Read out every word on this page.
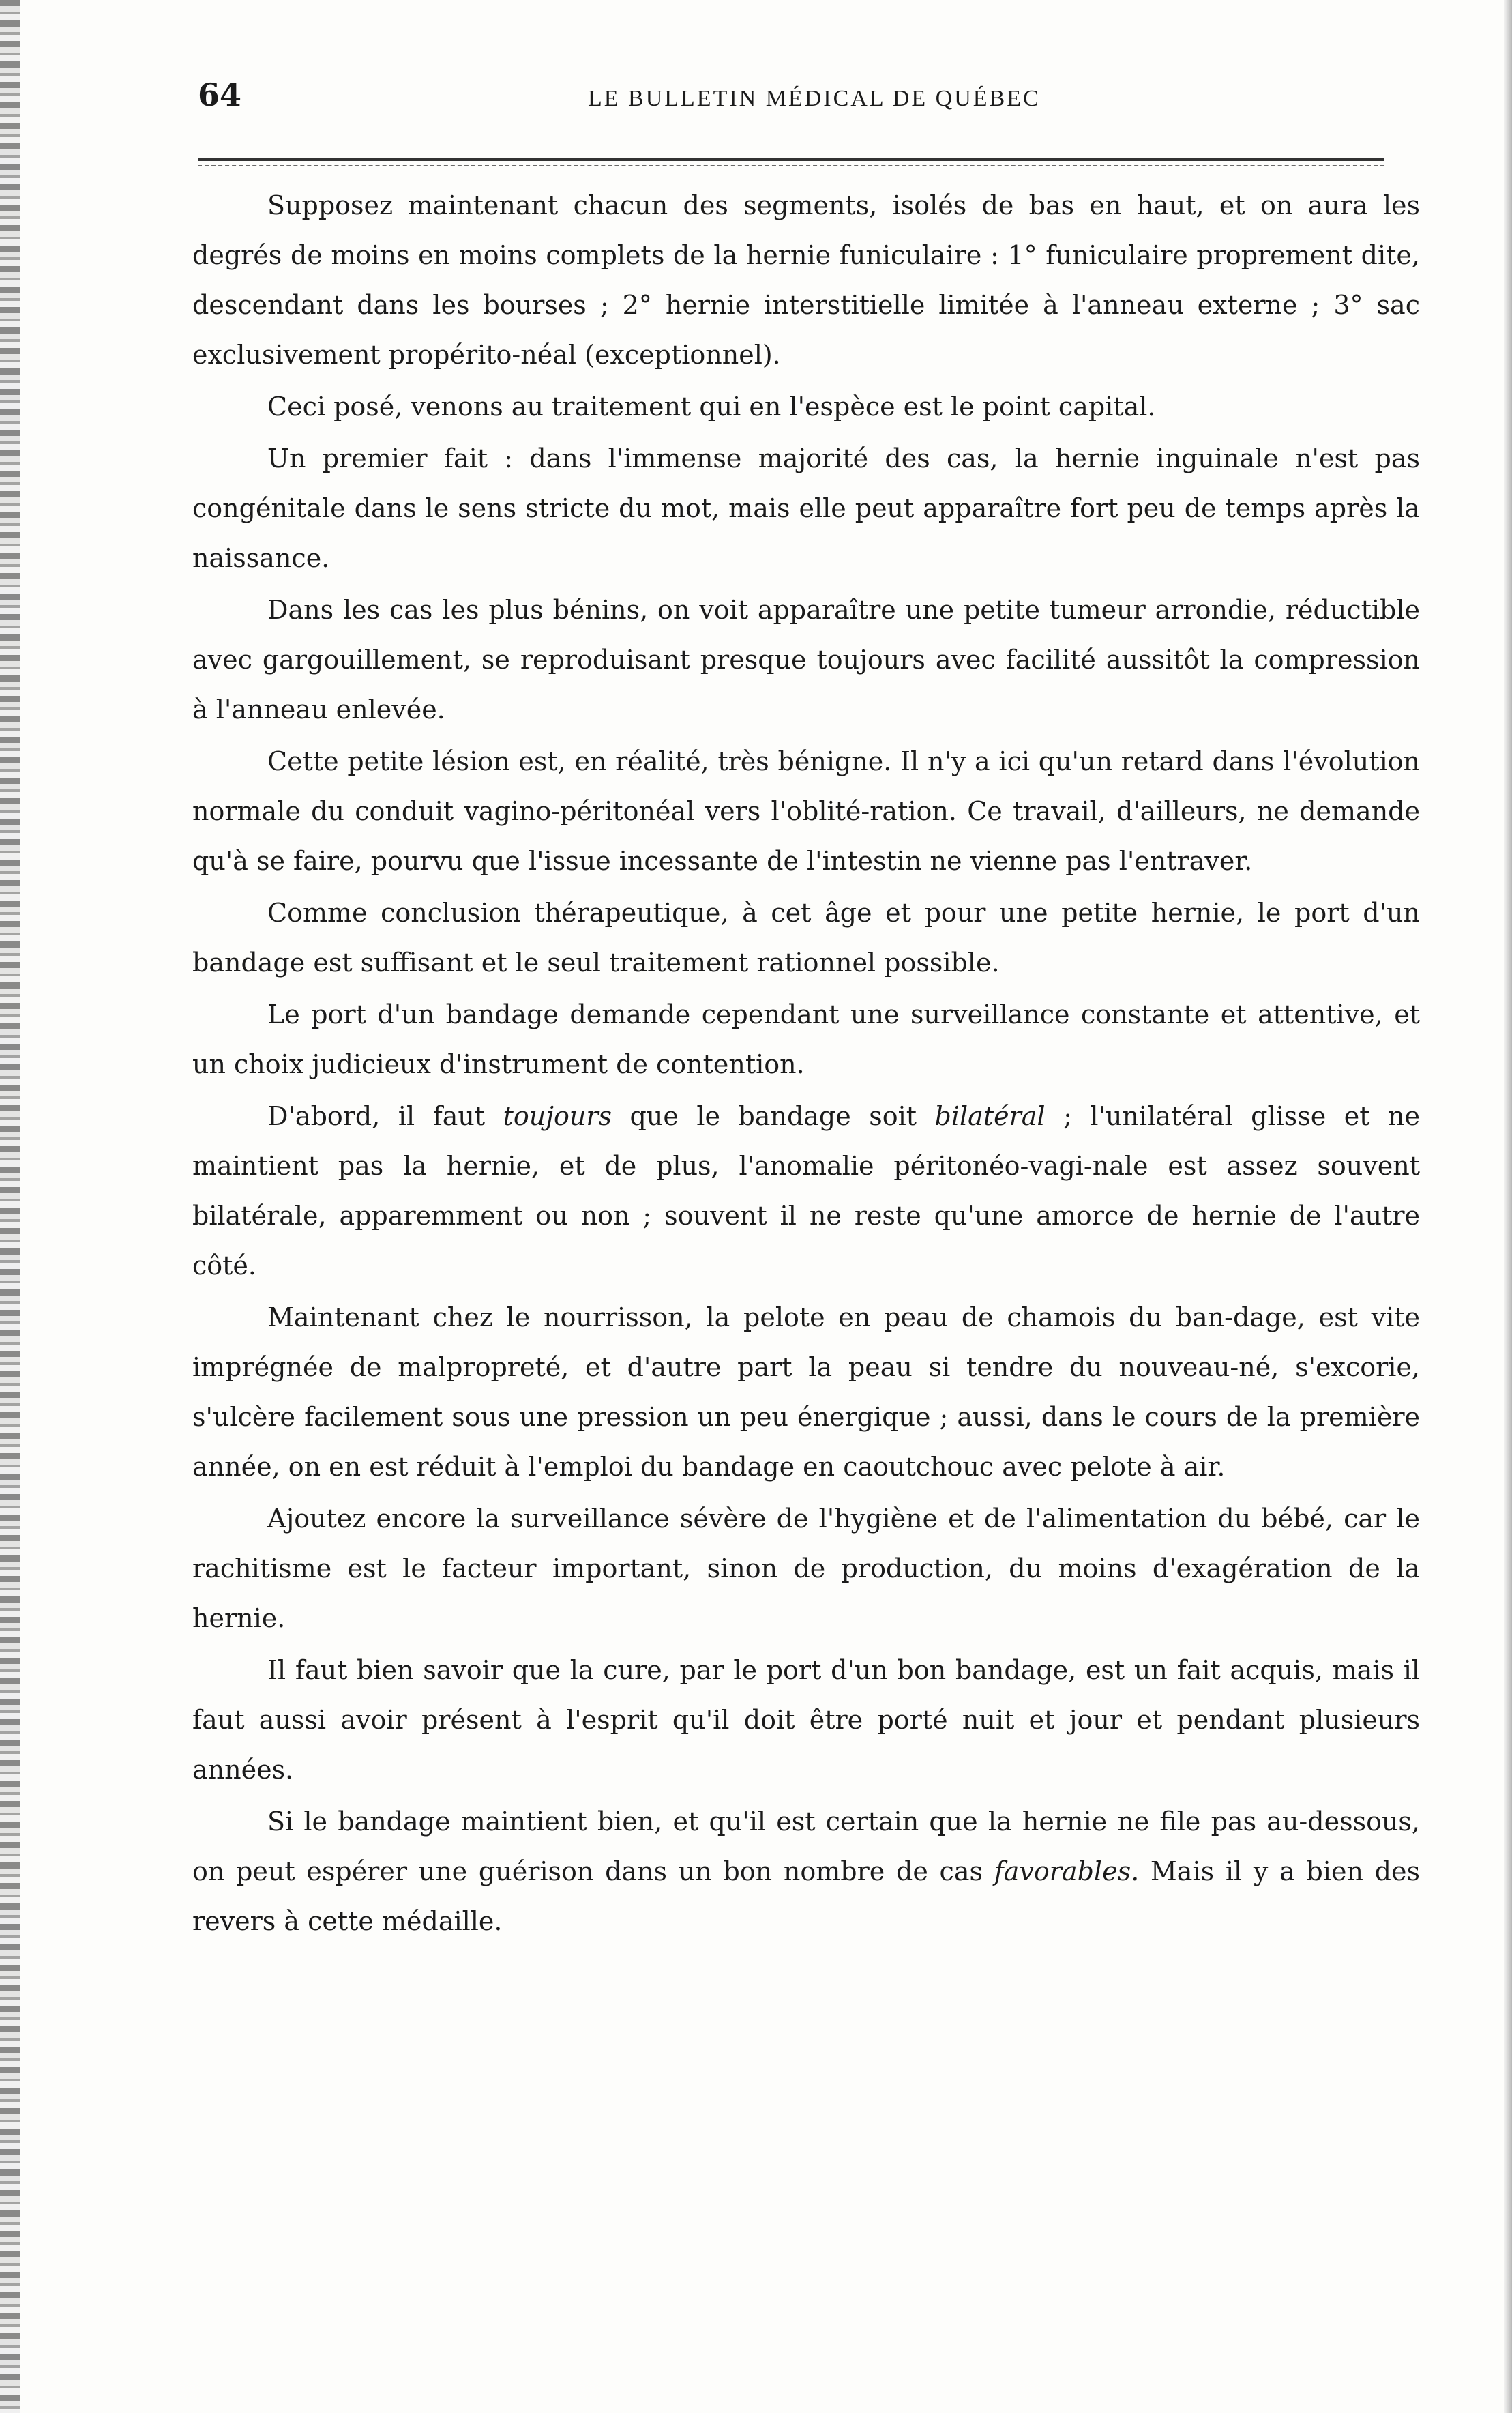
64	LE BULLETIN MÉDICAL DE QUÉBEC

Supposez maintenant chacun des segments, isolés de bas en haut, et on aura les degrés de moins en moins complets de la hernie funiculaire : 1° funiculaire proprement dite, descendant dans les bourses ; 2° hernie interstitielle limitée à l'anneau externe ; 3° sac exclusivement propérito-néal (exceptionnel).

Ceci posé, venons au traitement qui en l'espèce est le point capital.

Un premier fait : dans l'immense majorité des cas, la hernie inguinale n'est pas congénitale dans le sens stricte du mot, mais elle peut apparaître fort peu de temps après la naissance.

Dans les cas les plus bénins, on voit apparaître une petite tumeur arrondie, réductible avec gargouillement, se reproduisant presque toujours avec facilité aussitôt la compression à l'anneau enlevée.

Cette petite lésion est, en réalité, très bénigne. Il n'y a ici qu'un retard dans l'évolution normale du conduit vagino-péritonéal vers l'oblité-ration. Ce travail, d'ailleurs, ne demande qu'à se faire, pourvu que l'issue incessante de l'intestin ne vienne pas l'entraver.

Comme conclusion thérapeutique, à cet âge et pour une petite hernie, le port d'un bandage est suffisant et le seul traitement rationnel possible.

Le port d'un bandage demande cependant une surveillance constante et attentive, et un choix judicieux d'instrument de contention.

D'abord, il faut toujours que le bandage soit bilatéral ; l'unilatéral glisse et ne maintient pas la hernie, et de plus, l'anomalie péritonéo-vagi-nale est assez souvent bilatérale, apparemment ou non ; souvent il ne reste qu'une amorce de hernie de l'autre côté.

Maintenant chez le nourrisson, la pelote en peau de chamois du ban-dage, est vite imprégnée de malpropreté, et d'autre part la peau si tendre du nouveau-né, s'excorie, s'ulcère facilement sous une pression un peu énergique ; aussi, dans le cours de la première année, on en est réduit à l'emploi du bandage en caoutchouc avec pelote à air.

Ajoutez encore la surveillance sévère de l'hygiène et de l'alimentation du bébé, car le rachitisme est le facteur important, sinon de production, du moins d'exagération de la hernie.

Il faut bien savoir que la cure, par le port d'un bon bandage, est un fait acquis, mais il faut aussi avoir présent à l'esprit qu'il doit être porté nuit et jour et pendant plusieurs années.

Si le bandage maintient bien, et qu'il est certain que la hernie ne file pas au-dessous, on peut espérer une guérison dans un bon nombre de cas favorables. Mais il y a bien des revers à cette médaille.
